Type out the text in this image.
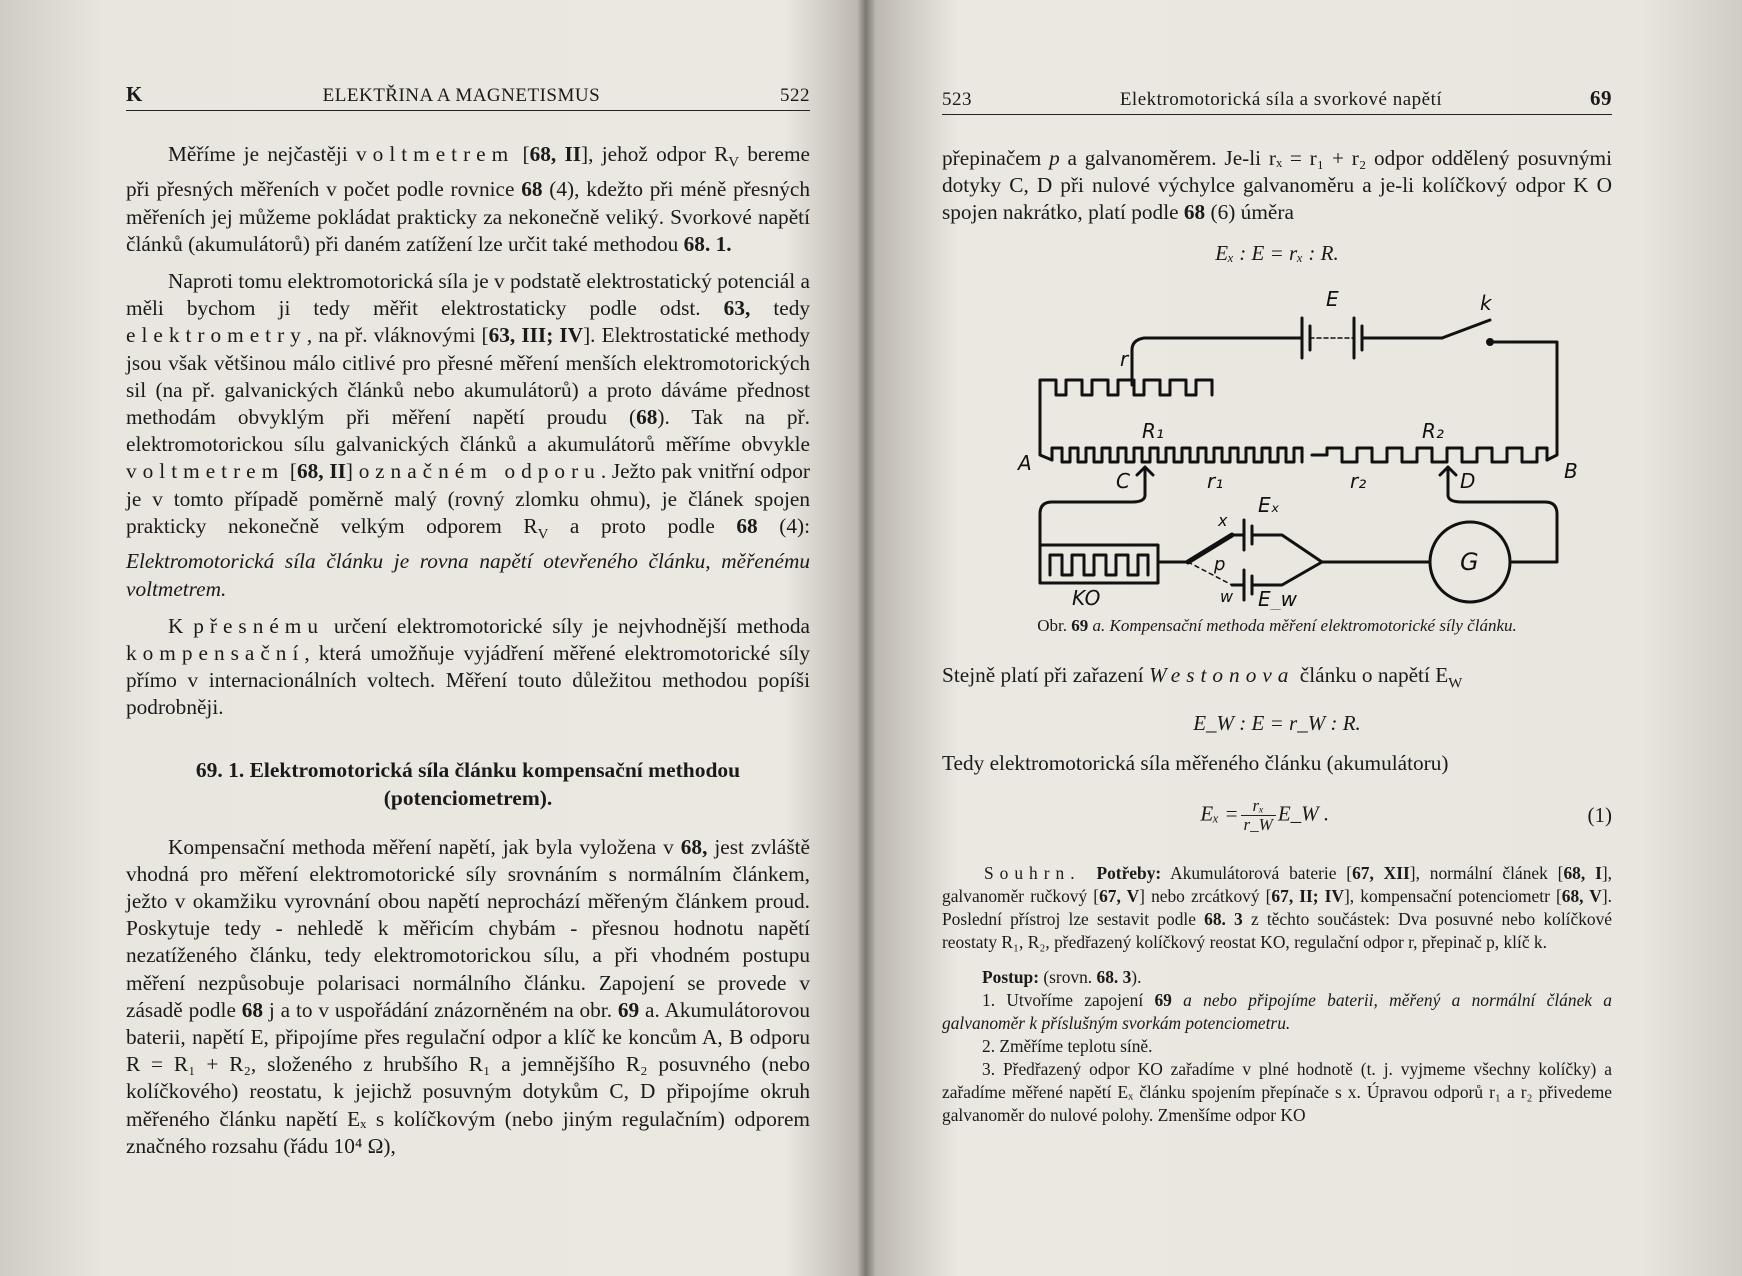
K	ELEKTŘINA A MAGNETISMUS	522

Měříme je nejčastěji voltmetrem [68, II], jehož odpor $R_V$ bereme při přesných měřeních v počet podle rovnice 68 (4), kdežto při méně přesných měřeních jej můžeme pokládat prakticky za nekonečně veliký. Svorkové napětí článků (akumulátorů) při daném zatížení lze určit také methodou 68. 1.

Naproti tomu elektromotorická síla je v podstatě elektrostatický potenciál a měli bychom ji tedy měřit elektrostaticky podle odst. 63, tedy elektrometry, na př. vláknovými [63, III; IV]. Elektrostatické methody jsou však většinou málo citlivé pro přesné měření menších elektromotorických sil (na př. galvanických článků nebo akumulátorů) a proto dáváme přednost methodám obvyklým při měření napětí proudu (68). Tak na př. elektromotorickou sílu galvanických článků a akumulátorů měříme obvykle voltmetrem [68, II] o značném odporu. Ježto pak vnitřní odpor je v tomto případě poměrně malý (rovný zlomku ohmu), je článek spojen prakticky nekonečně velkým odporem $R_V$ a proto podle 68 (4): Elektromotorická síla článku je rovna napětí otevřeného článku, měřenému voltmetrem.

K přesnému určení elektromotorické síly je nejvhodnější methoda kompensační, která umožňuje vyjádření měřené elektromotorické síly přímo v internacionálních voltech. Měření touto důležitou methodou popíši podrobněji.

69. 1. Elektromotorická síla článku kompensační methodou (potenciometrem).

Kompensační methoda měření napětí, jak byla vyložena v 68, jest zvláště vhodná pro měření elektromotorické síly srovnáním s normálním článkem, ježto v okamžiku vyrovnání obou napětí neprochází měřeným článkem proud. Poskytuje tedy - nehledě k měřicím chybám - přesnou hodnotu napětí nezatíženého článku, tedy elektromotorickou sílu, a při vhodném postupu měření nezpůsobuje polarisaci normálního článku. Zapojení se provede v zásadě podle 68 j a to v uspořádání znázorněném na obr. 69 a. Akumulátorovou baterii, napětí E, připojíme přes regulační odpor a klíč ke koncům A, B odporu R = R₁ + R₂, složeného z hrubšího R₁ a jemnějšího R₂ posuvného (nebo kolíčkového) reostatu, k jejichž posuvným dotykům C, D připojíme okruh měřeného článku napětí Eₓ s kolíčkovým (nebo jiným regulačním) odporem značného rozsahu (řádu 10⁴ Ω),

523	Elektromotorická síla a svorkové napětí	69

přepinačem p a galvanoměrem. Je-li rₓ = r₁ + r₂ odpor oddělený posuvnými dotyky C, D při nulové výchylce galvanoměru a je-li kolíčkový odpor K O spojen nakrátko, platí podle 68 (6) úměra

Eₓ : E = rₓ : R.
E	k
r
R₁	R₂
A	B
C	D
r₁	r₂
Eₓ
x
p
w E_w
KO
G
Obr. 69 a. Kompensační methoda měření elektromotorické síly článku.

Stejně platí při zařazení Westonova článku o napětí $E_W$

E_W : E = r_W : R.

Tedy elektromotorická síla měřeného článku (akumulátoru)

$E_x = \frac{\text{rₓ}}{r\_W}$ E_W .	(1)

Souhrn. Potřeby: Akumulátorová baterie [67, XII], normální článek [68, I], galvanoměr ručkový [67, V] nebo zrcátkový [67, II; IV], kompensační potenciometr [68, V]. Poslední přístroj lze sestavit podle 68. 3 z těchto součástek: Dva posuvné nebo kolíčkové reostaty R₁, R₂, předřazený kolíčkový reostat KO, regulační odpor r, přepinač p, klíč k.

Postup: (srovn. 68. 3).

1. Utvoříme zapojení 69 a nebo připojíme baterii, měřený a normální článek a galvanoměr k příslušným svorkám potenciometru.

2. Změříme teplotu síně.

3. Předřazený odpor KO zařadíme v plné hodnotě (t. j. vyjmeme všechny kolíčky) a zařadíme měřené napětí Eₓ článku spojením přepínače s x. Úpravou odporů r₁ a r₂ přivedeme galvanoměr do nulové polohy. Zmenšíme odpor KO
